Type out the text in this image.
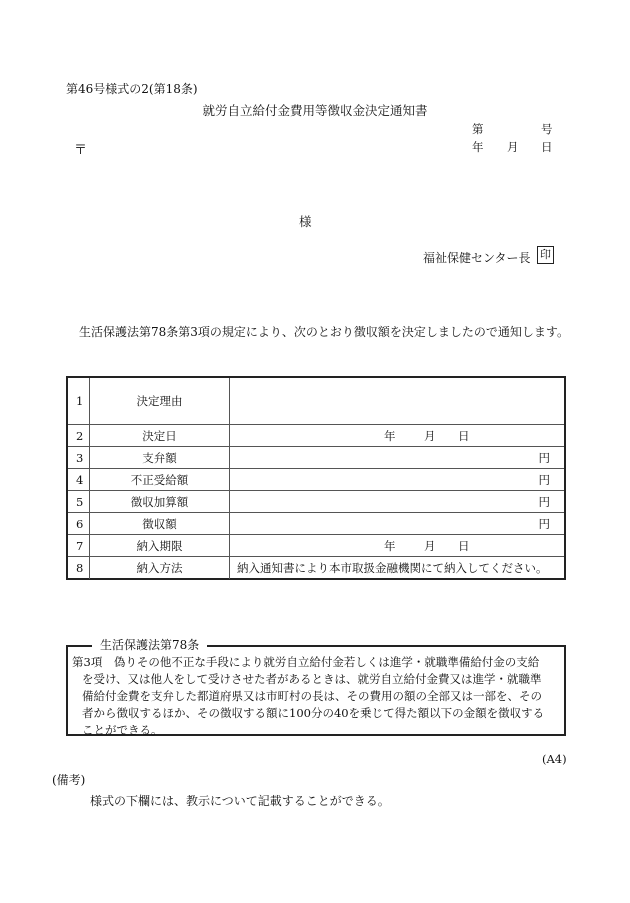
第46号様式の2(第18条)
就労自立給付金費用等徴収金決定通知書
第	号
〒	年 月 日
様
福祉保健センター長 印
生活保護法第78条第3項の規定により、次のとおり徴収額を決定しましたので通知します。
1	決定理由
2	決定日	年 月 日
3	支弁額	円
4	不正受給額	円
5	徴収加算額	円
6	徴収額	円
7	納入期限	年 月 日
8	納入方法	納入通知書により本市取扱金融機関にて納入してください。
生活保護法第78条
第3項　偽りその他不正な手段により就労自立給付金若しくは進学・就職準備給付金の支給
を受け、又は他人をして受けさせた者があるときは、就労自立給付金費又は進学・就職準
備給付金費を支弁した都道府県又は市町村の長は、その費用の額の全部又は一部を、その
者から徴収するほか、その徴収する額に100分の40を乗じて得た額以下の金額を徴収する
ことができる。
(A4)
(備考)
様式の下欄には、教示について記載することができる。
